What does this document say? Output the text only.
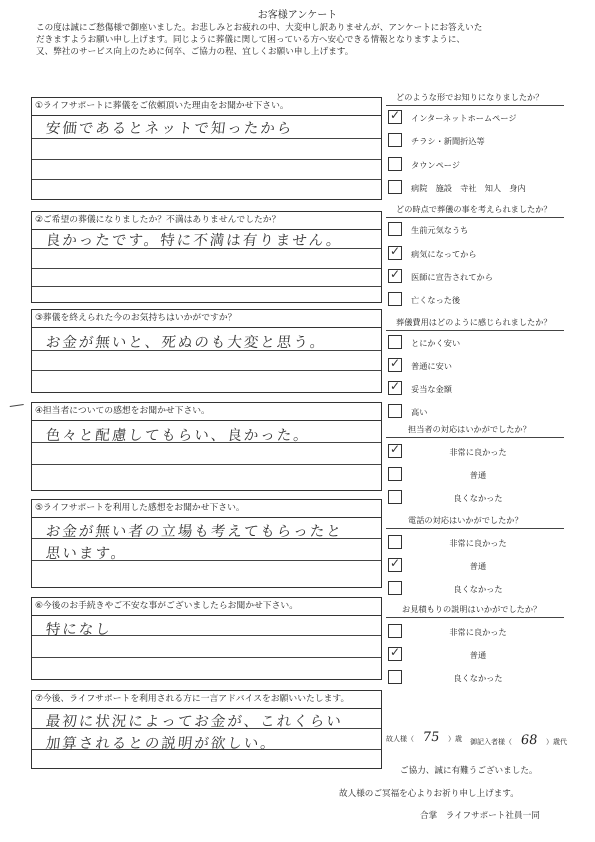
お客様アンケート
この度は誠にご愁傷様で御座いました。お悲しみとお疲れの中、大変申し訳ありませんが、アンケートにお答えいた
だきますようお願い申し上げます。同じように葬儀に関して困っている方へ安心できる情報となりますように、
又、弊社のサービス向上のために何卒、ご協力の程、宜しくお願い申し上げます。
①ライフサポートに葬儀をご依頼頂いた理由をお聞かせ下さい。
安価であるとネットで知ったから
②ご希望の葬儀になりましたか？不満はありませんでしたか？
良かったです。特に不満は有りません。
③葬儀を終えられた今のお気持ちはいかがですか？
お金が無いと、死ぬのも大変と思う。
④担当者についての感想をお聞かせ下さい。
色々と配慮してもらい、良かった。
⑤ライフサポートを利用した感想をお聞かせ下さい。
お金が無い者の立場も考えてもらったと
思います。
⑥今後のお手続きやご不安な事がございましたらお聞かせ下さい。
特になし
⑦今後、ライフサポートを利用される方に一言アドバイスをお願いいたします。
最初に状況によってお金が、これくらい
加算されるとの説明が欲しい。
どのような形でお知りになりましたか？
✓ インターネットホームページ
チラシ・新聞折込等
タウンページ
病院　施設　寺社　知人　身内
どの時点で葬儀の事を考えられましたか？
生前元気なうち
✓ 病気になってから
✓ 医師に宣告されてから
亡くなった後
葬儀費用はどのように感じられましたか？
とにかく安い
✓ 普通に安い
✓ 妥当な金額
高い
担当者の対応はいかがでしたか？
✓	非常に良かった
普通
良くなかった
電話の対応はいかがでしたか？
非常に良かった
✓	普通
良くなかった
お見積もりの説明はいかがでしたか？
非常に良かった
✓	普通
良くなかった
故人様（ 75 ）歳 御記入者様（ 68 ）歳代
ご協力、誠に有難うございました。
故人様のご冥福を心よりお祈り申し上げます。
合掌　ライフサポート社員一同
